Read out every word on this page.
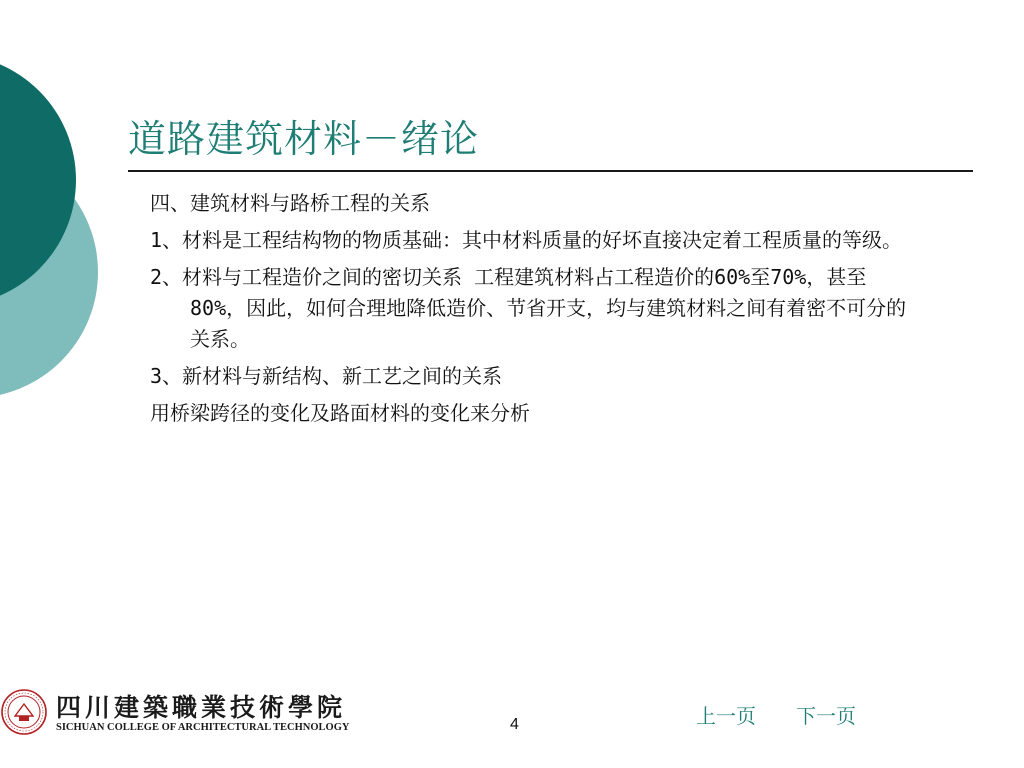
道路建筑材料－绪论

四、建筑材料与路桥工程的关系

1、材料是工程结构物的物质基础：其中材料质量的好坏直接决定着工程质量的等级。

2、材料与工程造价之间的密切关系 工程建筑材料占工程造价的60%至70%，甚至80%，因此，如何合理地降低造价、节省开支，均与建筑材料之间有着密不可分的关系。

3、新材料与新结构、新工艺之间的关系

用桥梁跨径的变化及路面材料的变化来分析

四川建築職業技術學院
SICHUAN COLLEGE OF ARCHITECTURAL TECHNOLOGY	4	上一页 下一页
